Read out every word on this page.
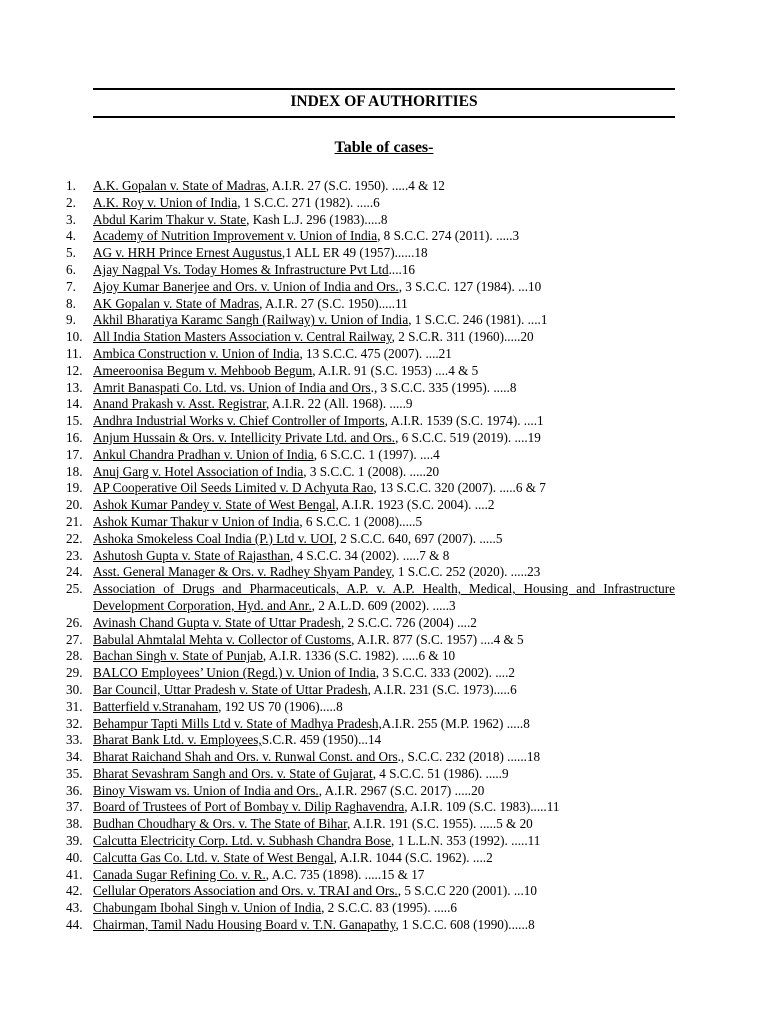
INDEX OF AUTHORITIES
Table of cases-
1.	A.K. Gopalan v. State of Madras, A.I.R. 27 (S.C. 1950). .....4 & 12
2.	A.K. Roy v. Union of India, 1 S.C.C. 271 (1982). .....6
3.	Abdul Karim Thakur v. State, Kash L.J. 296 (1983).....8
4.	Academy of Nutrition Improvement v. Union of India, 8 S.C.C. 274 (2011). .....3
5.	AG v. HRH Prince Ernest Augustus,1 ALL ER 49 (1957)......18
6.	Ajay Nagpal Vs. Today Homes & Infrastructure Pvt Ltd....16
7.	Ajoy Kumar Banerjee and Ors. v. Union of India and Ors., 3 S.C.C. 127 (1984). ...10
8.	AK Gopalan v. State of Madras, A.I.R. 27 (S.C. 1950).....11
9.	Akhil Bharatiya Karamc Sangh (Railway) v. Union of India, 1 S.C.C. 246 (1981). ....1
10. All India Station Masters Association v. Central Railway, 2 S.C.R. 311 (1960).....20
11. Ambica Construction v. Union of India, 13 S.C.C. 475 (2007). ....21
12. Ameeroonisa Begum v. Mehboob Begum, A.I.R. 91 (S.C. 1953) ....4 & 5
13. Amrit Banaspati Co. Ltd. vs. Union of India and Ors., 3 S.C.C. 335 (1995). .....8
14. Anand Prakash v. Asst. Registrar, A.I.R. 22 (All. 1968). .....9
15. Andhra Industrial Works v. Chief Controller of Imports, A.I.R. 1539 (S.C. 1974). ....1
16. Anjum Hussain & Ors. v. Intellicity Private Ltd. and Ors., 6 S.C.C. 519 (2019). ....19
17. Ankul Chandra Pradhan v. Union of India, 6 S.C.C. 1 (1997). ....4
18. Anuj Garg v. Hotel Association of India, 3 S.C.C. 1 (2008). .....20
19. AP Cooperative Oil Seeds Limited v. D Achyuta Rao, 13 S.C.C. 320 (2007). .....6 & 7
20. Ashok Kumar Pandey v. State of West Bengal, A.I.R. 1923 (S.C. 2004). ....2
21. Ashok Kumar Thakur v Union of India, 6 S.C.C. 1 (2008).....5
22. Ashoka Smokeless Coal India (P.) Ltd v. UOI, 2 S.C.C. 640, 697 (2007). .....5
23. Ashutosh Gupta v. State of Rajasthan, 4 S.C.C. 34 (2002). .....7 & 8
24. Asst. General Manager & Ors. v. Radhey Shyam Pandey, 1 S.C.C. 252 (2020). .....23
25. Association of Drugs and Pharmaceuticals, A.P. v. A.P. Health, Medical, Housing and Infrastructure Development Corporation, Hyd. and Anr., 2 A.L.D. 609 (2002). .....3
26. Avinash Chand Gupta v. State of Uttar Pradesh, 2 S.C.C. 726 (2004) ....2
27. Babulal Ahmtalal Mehta v. Collector of Customs, A.I.R. 877 (S.C. 1957) ....4 & 5
28. Bachan Singh v. State of Punjab, A.I.R. 1336 (S.C. 1982). .....6 & 10
29. BALCO Employees’ Union (Regd.) v. Union of India, 3 S.C.C. 333 (2002). ....2
30. Bar Council, Uttar Pradesh v. State of Uttar Pradesh, A.I.R. 231 (S.C. 1973).....6
31. Batterfield v.Stranaham, 192 US 70 (1906).....8
32. Behampur Tapti Mills Ltd v. State of Madhya Pradesh,A.I.R. 255 (M.P. 1962) .....8
33. Bharat Bank Ltd. v. Employees,S.C.R. 459 (1950)...14
34. Bharat Raichand Shah and Ors. v. Runwal Const. and Ors., S.C.C. 232 (2018) ......18
35. Bharat Sevashram Sangh and Ors. v. State of Gujarat, 4 S.C.C. 51 (1986). .....9
36. Binoy Viswam vs. Union of India and Ors., A.I.R. 2967 (S.C. 2017) .....20
37. Board of Trustees of Port of Bombay v. Dilip Raghavendra, A.I.R. 109 (S.C. 1983).....11
38. Budhan Choudhary & Ors. v. The State of Bihar, A.I.R. 191 (S.C. 1955). .....5 & 20
39. Calcutta Electricity Corp. Ltd. v. Subhash Chandra Bose, 1 L.L.N. 353 (1992). .....11
40. Calcutta Gas Co. Ltd. v. State of West Bengal, A.I.R. 1044 (S.C. 1962). ....2
41. Canada Sugar Refining Co. v. R., A.C. 735 (1898). .....15 & 17
42. Cellular Operators Association and Ors. v. TRAI and Ors., 5 S.C.C 220 (2001). ...10
43. Chabungam Ibohal Singh v. Union of India, 2 S.C.C. 83 (1995). .....6
44. Chairman, Tamil Nadu Housing Board v. T.N. Ganapathy, 1 S.C.C. 608 (1990)......8
